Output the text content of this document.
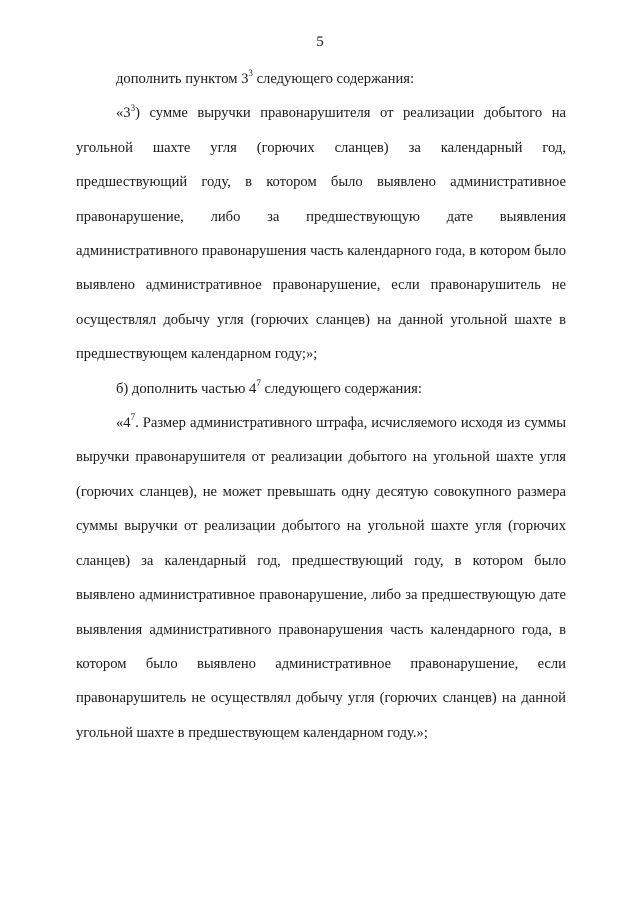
5

дополнить пунктом $3^3$ следующего содержания:

«$3^3$) сумме выручки правонарушителя от реализации добытого на угольной шахте угля (горючих сланцев) за календарный год, предшествующий году, в котором было выявлено административное правонарушение, либо за предшествующую дате выявления административного правонарушения часть календарного года, в котором было выявлено административное правонарушение, если правонарушитель не осуществлял добычу угля (горючих сланцев) на данной угольной шахте в предшествующем календарном году;»;

б) дополнить частью $4^7$ следующего содержания:

«$4^7$. Размер административного штрафа, исчисляемого исходя из суммы выручки правонарушителя от реализации добытого на угольной шахте угля (горючих сланцев), не может превышать одну десятую совокупного размера суммы выручки от реализации добытого на угольной шахте угля (горючих сланцев) за календарный год, предшествующий году, в котором было выявлено административное правонарушение, либо за предшествующую дате выявления административного правонарушения часть календарного года, в котором было выявлено административное правонарушение, если правонарушитель не осуществлял добычу угля (горючих сланцев) на данной угольной шахте в предшествующем календарном году.»;
